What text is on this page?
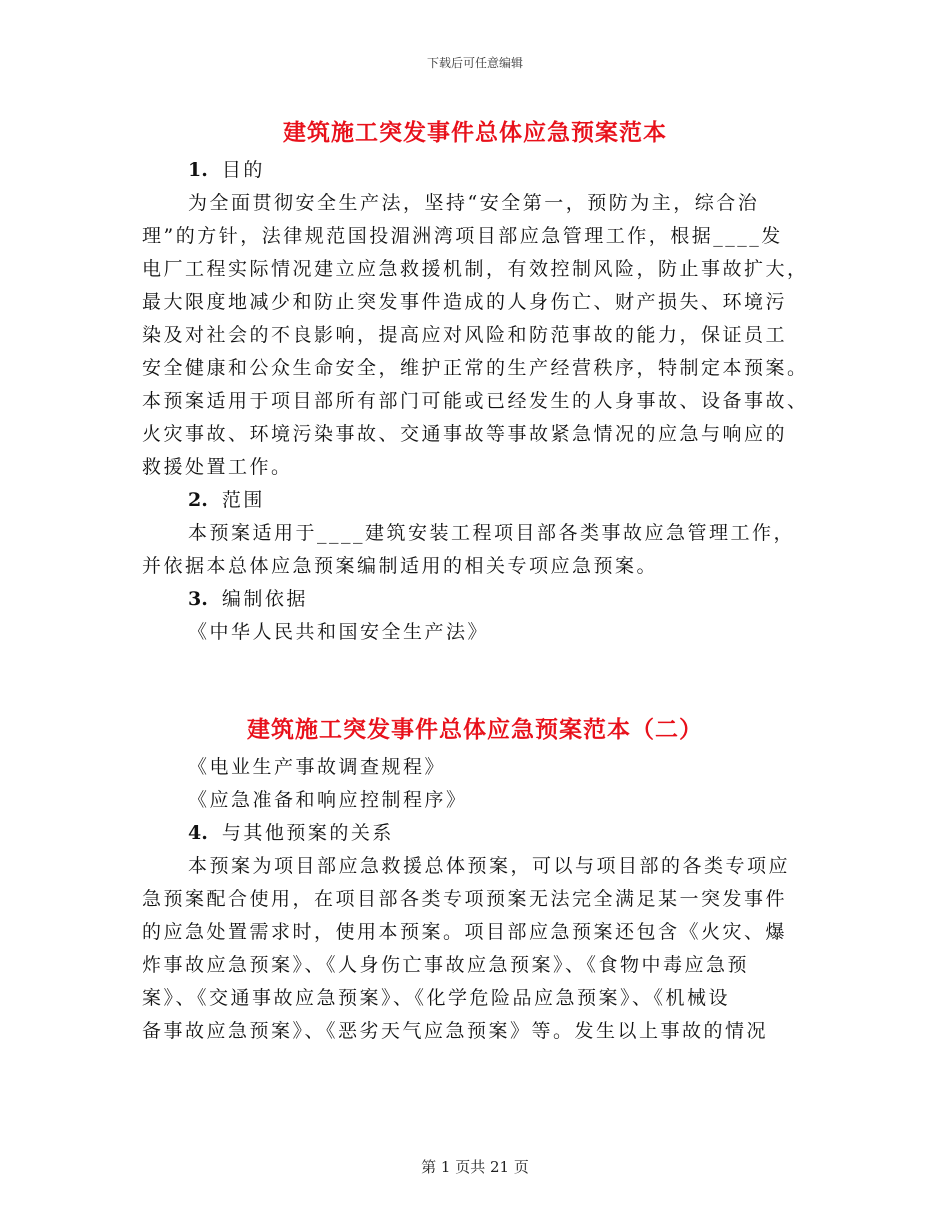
下载后可任意编辑
建筑施工突发事件总体应急预案范本
1. 目的
为全面贯彻安全生产法，坚持“安全第一，预防为主，综合治
理”的方针，法律规范国投湄洲湾项目部应急管理工作，根据____发
电厂工程实际情况建立应急救援机制，有效控制风险，防止事故扩大，
最大限度地减少和防止突发事件造成的人身伤亡、财产损失、环境污
染及对社会的不良影响，提高应对风险和防范事故的能力，保证员工
安全健康和公众生命安全，维护正常的生产经营秩序，特制定本预案。
本预案适用于项目部所有部门可能或已经发生的人身事故、设备事故、
火灾事故、环境污染事故、交通事故等事故紧急情况的应急与响应的
救援处置工作。
2. 范围
本预案适用于____建筑安装工程项目部各类事故应急管理工作，
并依据本总体应急预案编制适用的相关专项应急预案。
3. 编制依据
《中华人民共和国安全生产法》
建筑施工突发事件总体应急预案范本（二）
《电业生产事故调查规程》
《应急准备和响应控制程序》
4. 与其他预案的关系
本预案为项目部应急救援总体预案，可以与项目部的各类专项应
急预案配合使用，在项目部各类专项预案无法完全满足某一突发事件
的应急处置需求时，使用本预案。项目部应急预案还包含《火灾、爆
炸事故应急预案》、《人身伤亡事故应急预案》、《食物中毒应急预
案》、《交通事故应急预案》、《化学危险品应急预案》、《机械设
备事故应急预案》、《恶劣天气应急预案》等。发生以上事故的情况
第 1 页共 21 页
